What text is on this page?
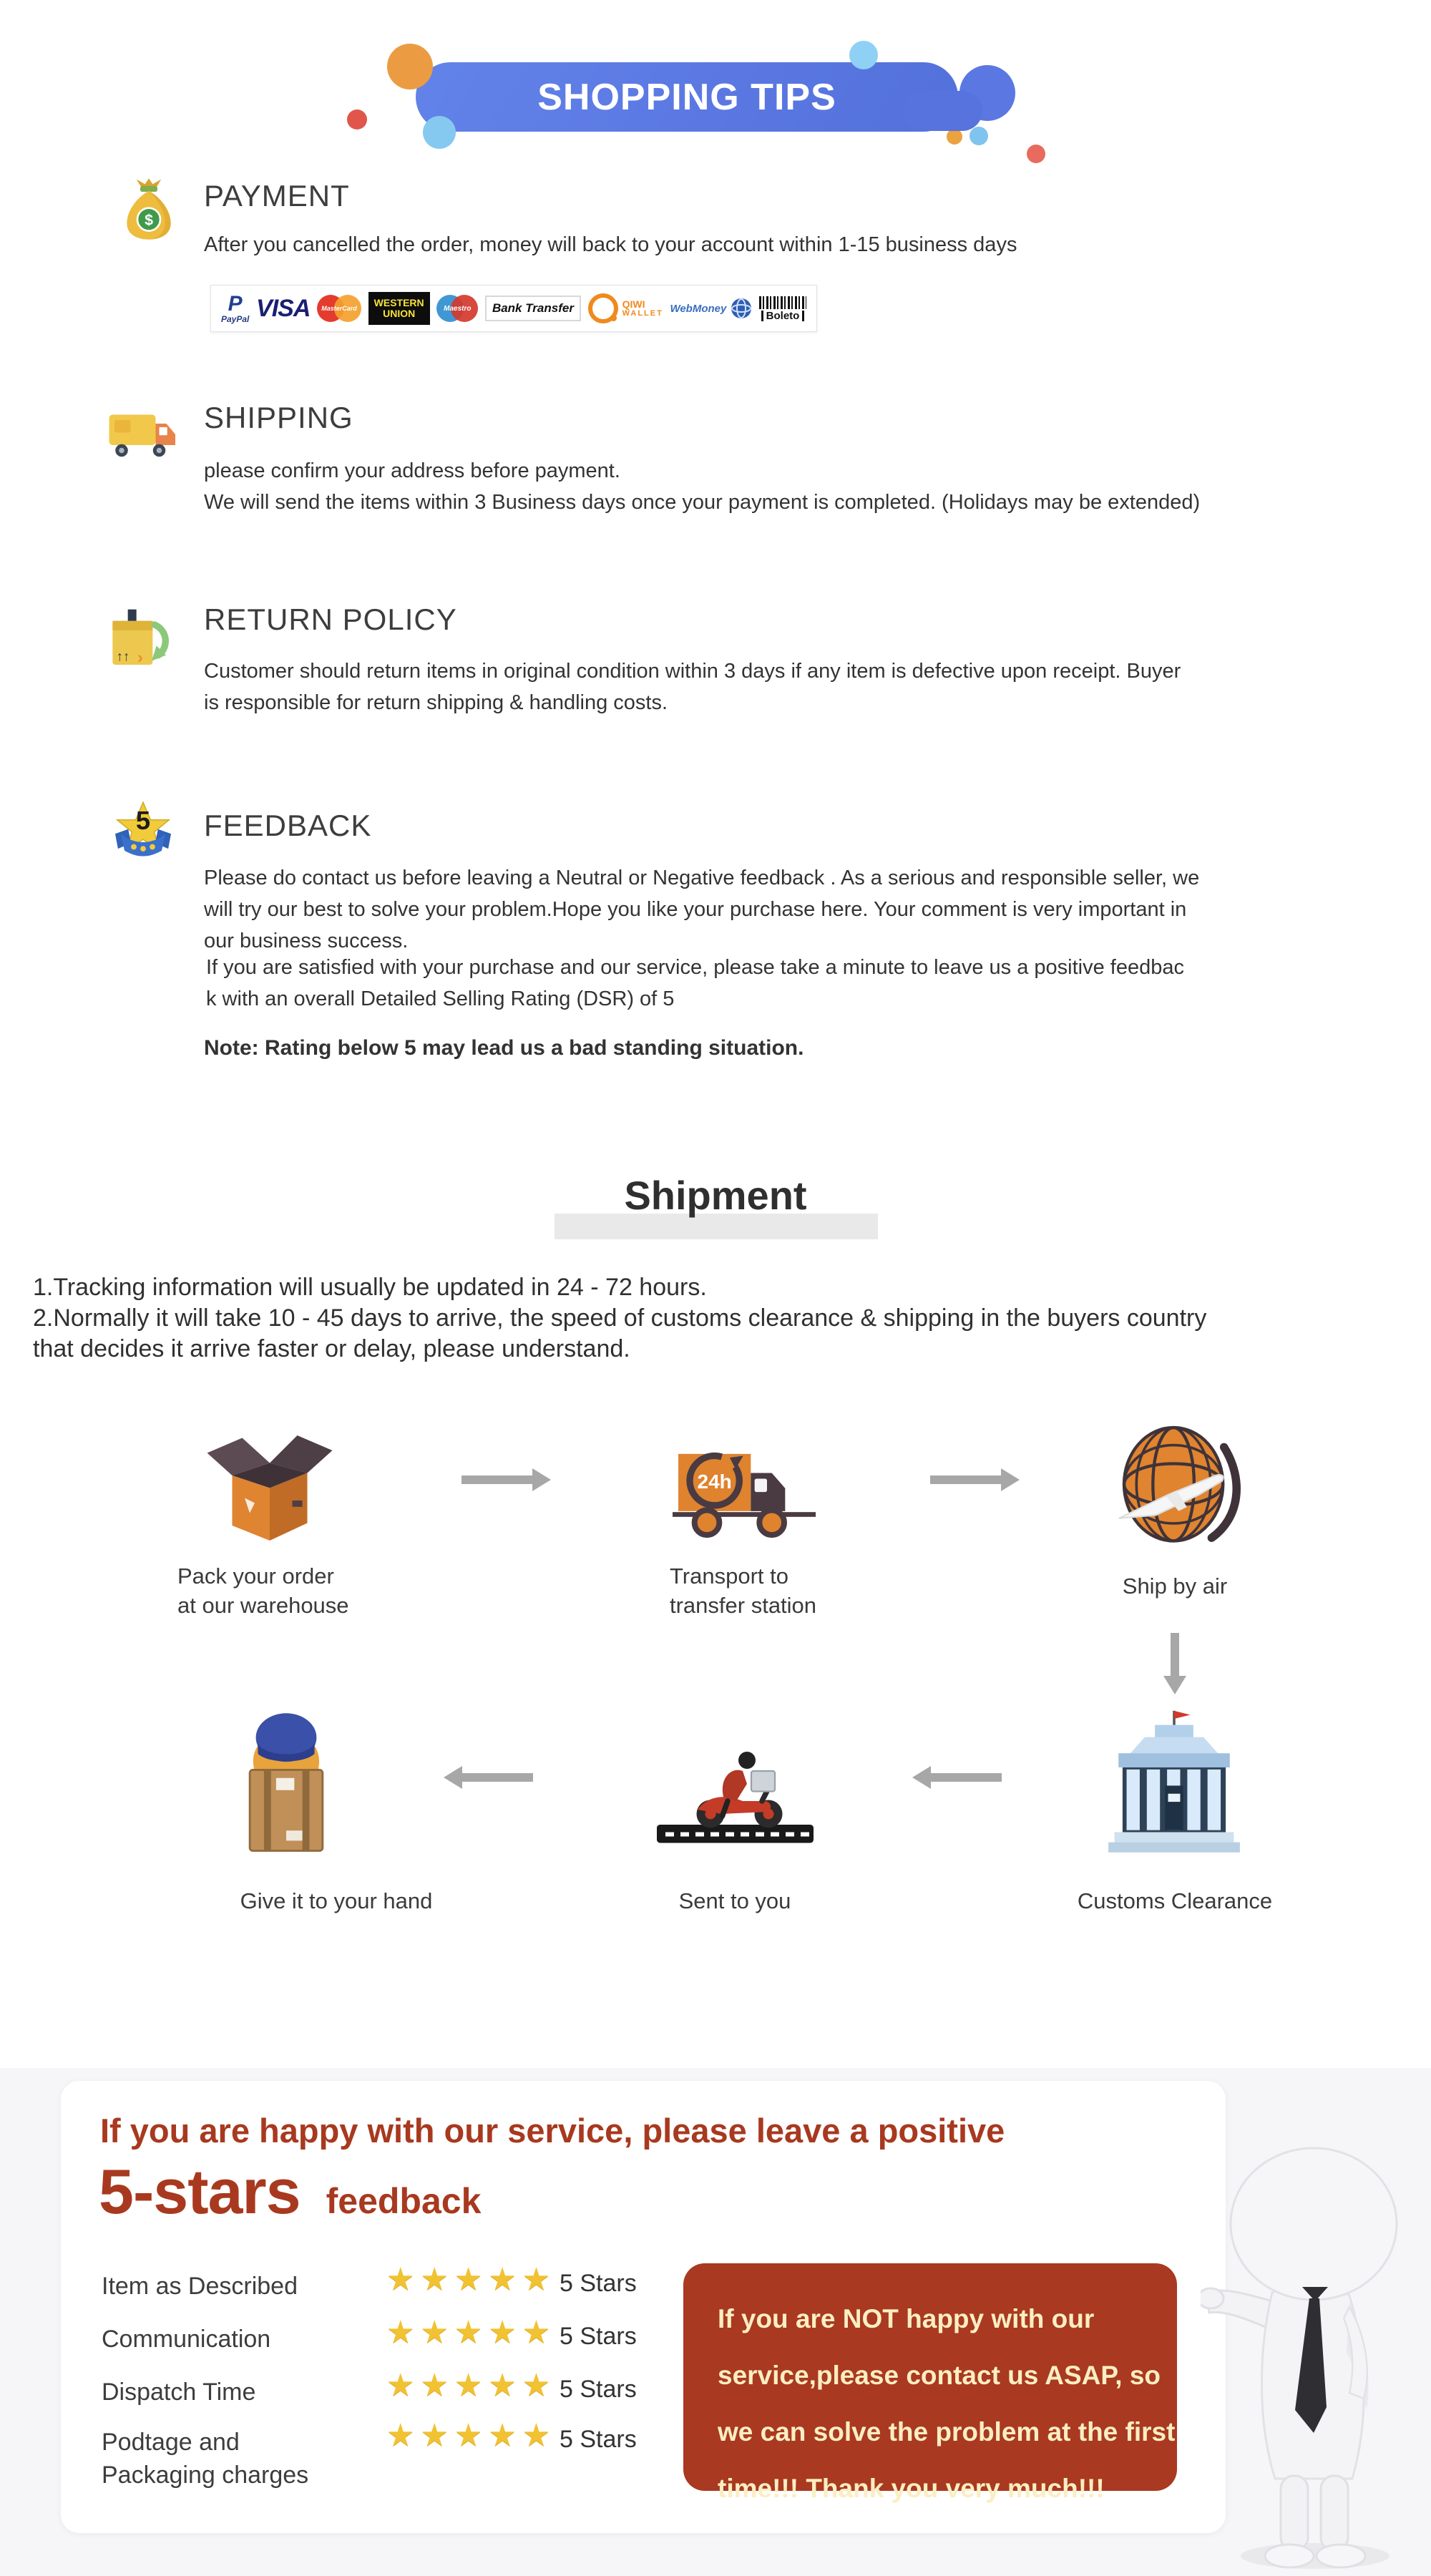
SHOPPING TIPS
$
PAYMENT
After you cancelled the order, money will back to your account within 1-15 business days
P
PayPal VISA	MasterCard	WESTERN
UNION	Maestro	Bank Transfer	QIWI
WALLET WebMoney
Boleto
SHIPPING
please confirm your address before payment.
We will send the items within 3 Business days once your payment is completed. (Holidays may be extended)
↑↑ ›
RETURN POLICY
Customer should return items in original condition within 3 days if any item is defective upon receipt. Buyer
is responsible for return shipping & handling costs.
5 FEEDBACK
Please do contact us before leaving a Neutral or Negative feedback . As a serious and responsible seller, we
will try our best to solve your problem.Hope you like your purchase here. Your comment is very important in
our business success.
If you are satisfied with your purchase and our service, please take a minute to leave us a positive feedbac
k with an overall Detailed Selling Rating (DSR) of 5
Note: Rating below 5 may lead us a bad standing situation.
Shipment
1.Tracking information will usually be updated in 24 - 72 hours.
2.Normally it will take 10 - 45 days to arrive, the speed of customs clearance & shipping in the buyers country
that decides it arrive faster or delay, please understand.
24h
Pack your order
at our warehouse
Transport to
transfer station
Ship by air
Customs Clearance
Sent to you
Give it to your hand
If you are happy with our service, please leave a positive
5-stars feedback
Item as Described	★★★★★ 5 Stars
Communication	★★★★★ 5 Stars
Dispatch Time	★★★★★ 5 Stars
Podtage and
Packaging charges
★★★★★ 5 Stars
If you are NOT happy with our
service,please contact us ASAP, so
we can solve the problem at the first
time!!! Thank you very much!!!
